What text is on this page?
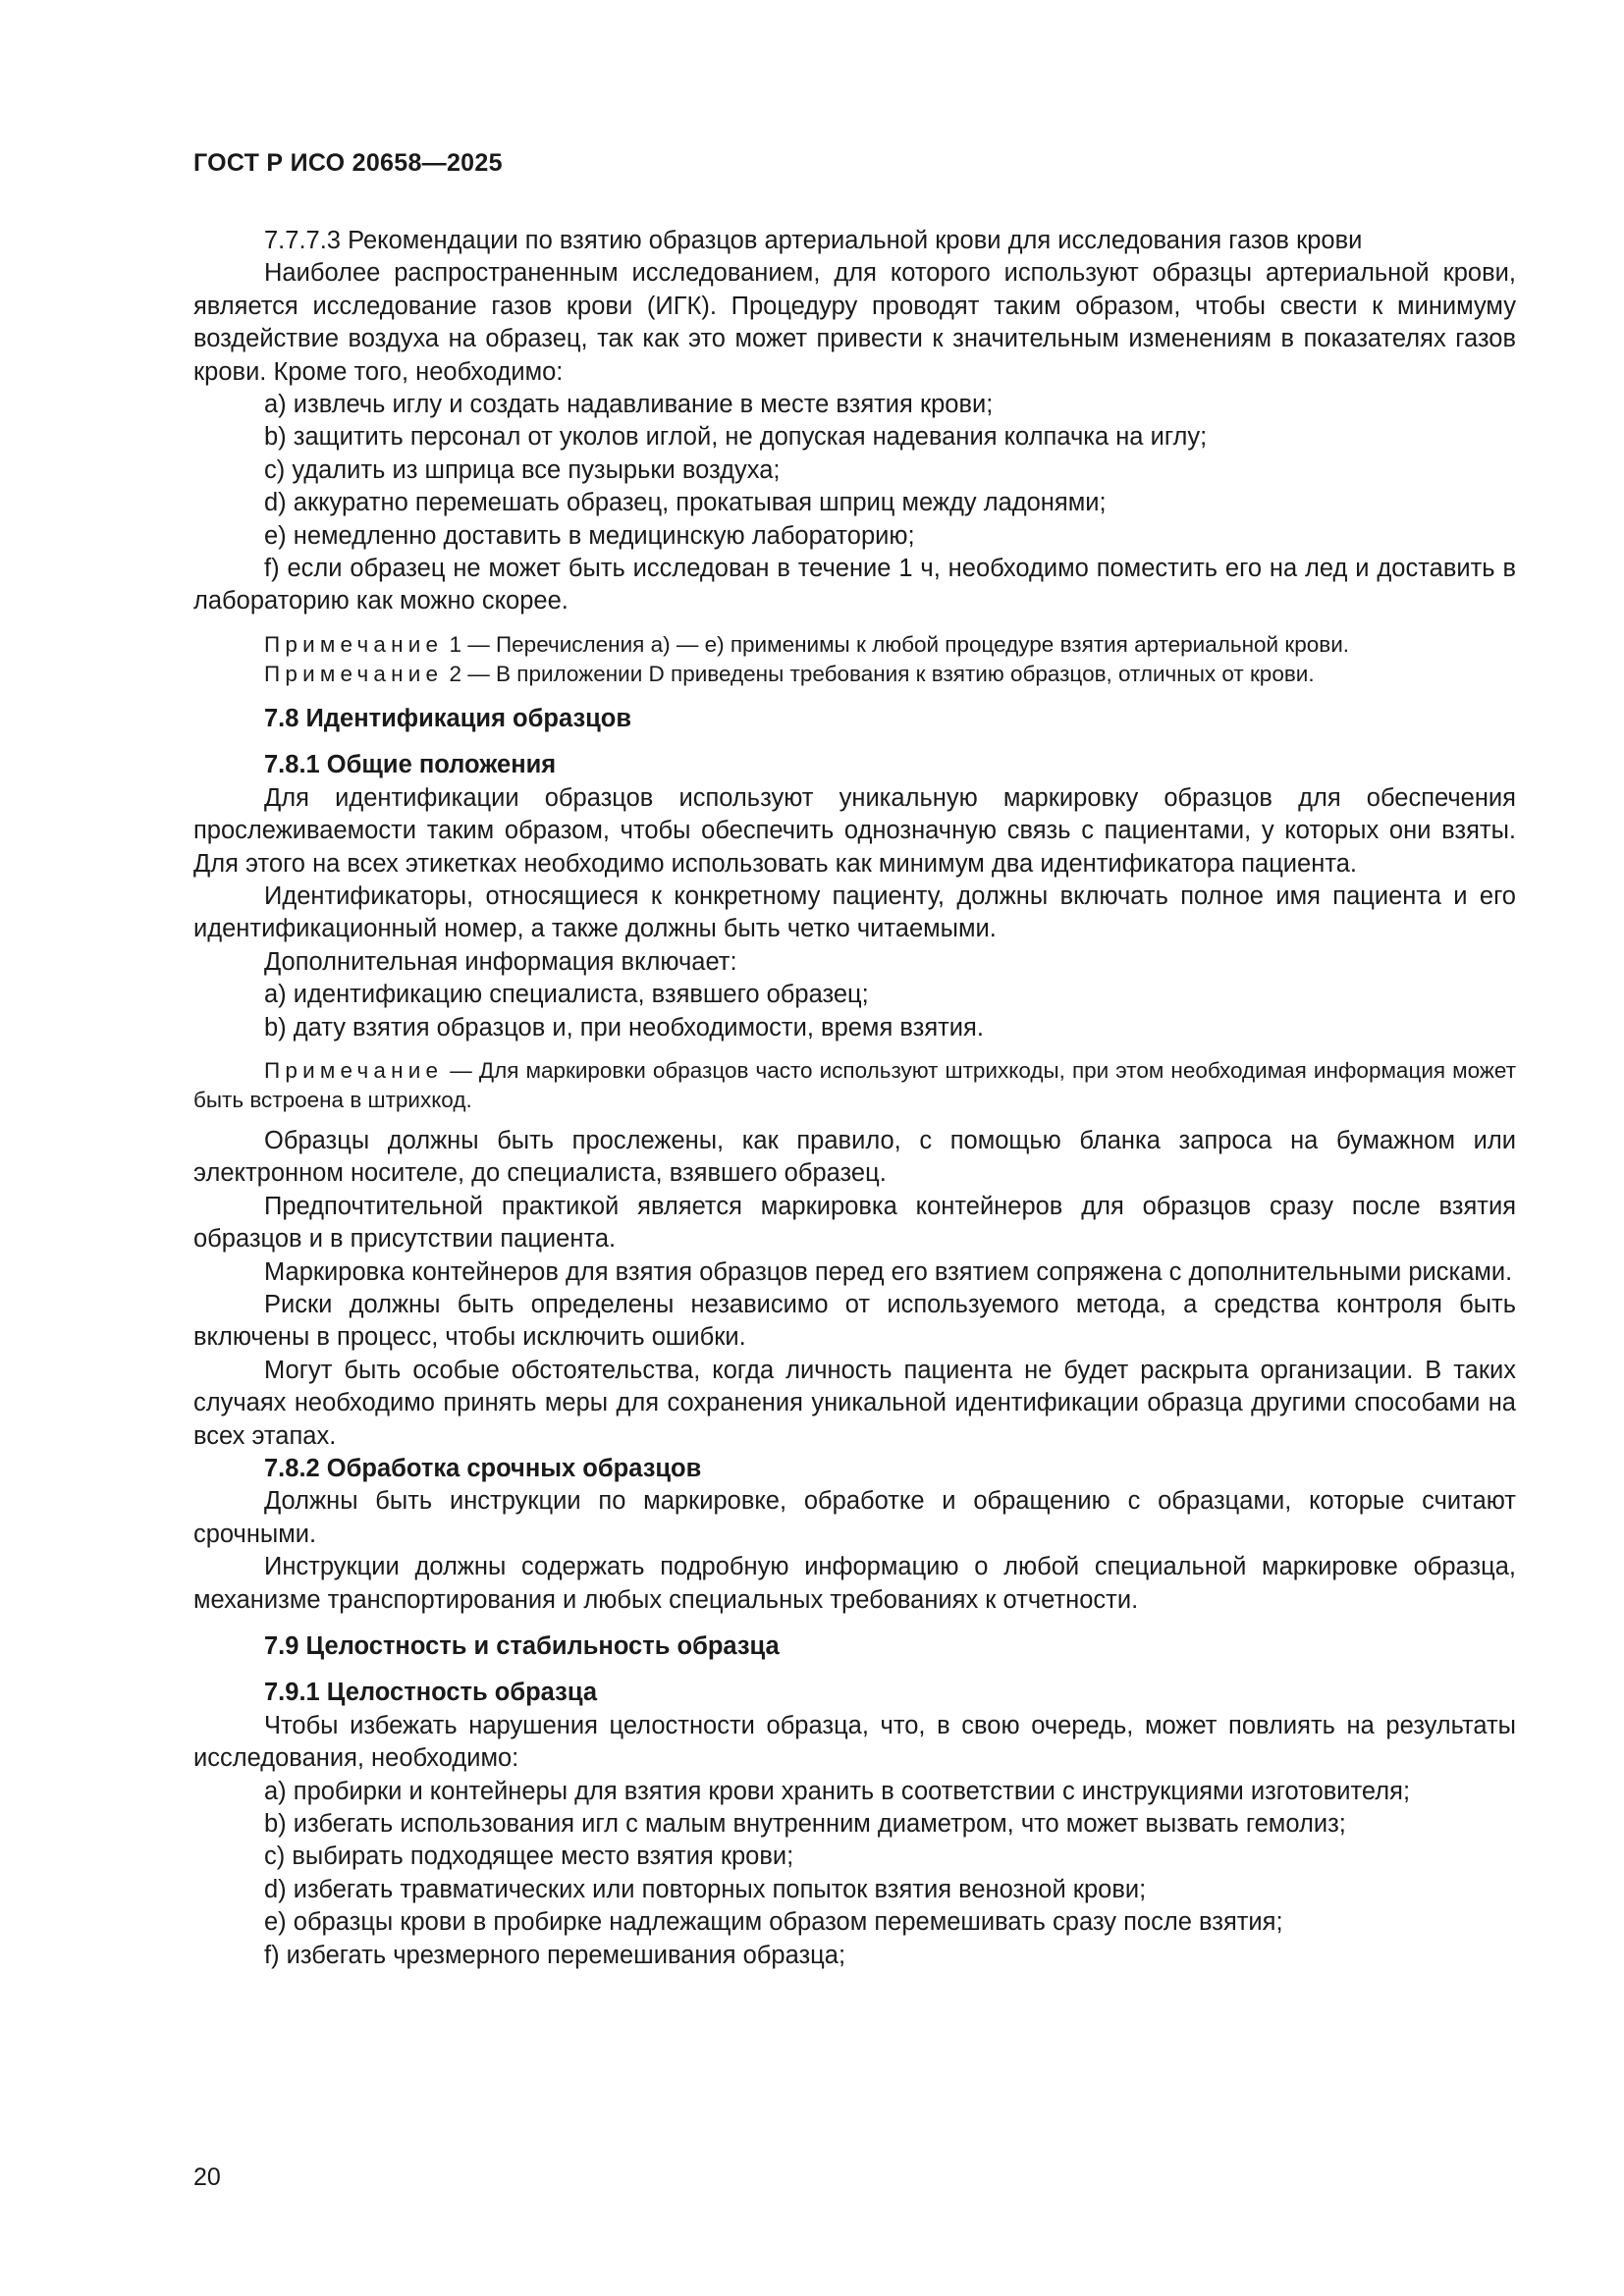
ГОСТ Р ИСО 20658—2025

7.7.7.3 Рекомендации по взятию образцов артериальной крови для исследования газов крови

Наиболее распространенным исследованием, для которого используют образцы артериальной крови, является исследование газов крови (ИГК). Процедуру проводят таким образом, чтобы свести к минимуму воздействие воздуха на образец, так как это может привести к значительным изменениям в показателях газов крови. Кроме того, необходимо:

a) извлечь иглу и создать надавливание в месте взятия крови;

b) защитить персонал от уколов иглой, не допуская надевания колпачка на иглу;

c) удалить из шприца все пузырьки воздуха;

d) аккуратно перемешать образец, прокатывая шприц между ладонями;

e) немедленно доставить в медицинскую лабораторию;

f) если образец не может быть исследован в течение 1 ч, необходимо поместить его на лед и доставить в лабораторию как можно скорее.

Примечание 1 — Перечисления a) — e) применимы к любой процедуре взятия артериальной крови.

Примечание 2 — В приложении D приведены требования к взятию образцов, отличных от крови.

7.8 Идентификация образцов

7.8.1 Общие положения

Для идентификации образцов используют уникальную маркировку образцов для обеспечения прослеживаемости таким образом, чтобы обеспечить однозначную связь с пациентами, у которых они взяты. Для этого на всех этикетках необходимо использовать как минимум два идентификатора пациента.

Идентификаторы, относящиеся к конкретному пациенту, должны включать полное имя пациента и его идентификационный номер, а также должны быть четко читаемыми.

Дополнительная информация включает:

a) идентификацию специалиста, взявшего образец;

b) дату взятия образцов и, при необходимости, время взятия.

Примечание — Для маркировки образцов часто используют штрихкоды, при этом необходимая информация может быть встроена в штрихкод.

Образцы должны быть прослежены, как правило, с помощью бланка запроса на бумажном или электронном носителе, до специалиста, взявшего образец.

Предпочтительной практикой является маркировка контейнеров для образцов сразу после взятия образцов и в присутствии пациента.

Маркировка контейнеров для взятия образцов перед его взятием сопряжена с дополнительными рисками.

Риски должны быть определены независимо от используемого метода, а средства контроля быть включены в процесс, чтобы исключить ошибки.

Могут быть особые обстоятельства, когда личность пациента не будет раскрыта организации. В таких случаях необходимо принять меры для сохранения уникальной идентификации образца другими способами на всех этапах.

7.8.2 Обработка срочных образцов

Должны быть инструкции по маркировке, обработке и обращению с образцами, которые считают срочными.

Инструкции должны содержать подробную информацию о любой специальной маркировке образца, механизме транспортирования и любых специальных требованиях к отчетности.

7.9 Целостность и стабильность образца

7.9.1 Целостность образца

Чтобы избежать нарушения целостности образца, что, в свою очередь, может повлиять на результаты исследования, необходимо:

a) пробирки и контейнеры для взятия крови хранить в соответствии с инструкциями изготовителя;

b) избегать использования игл с малым внутренним диаметром, что может вызвать гемолиз;

c) выбирать подходящее место взятия крови;

d) избегать травматических или повторных попыток взятия венозной крови;

e) образцы крови в пробирке надлежащим образом перемешивать сразу после взятия;

f) избегать чрезмерного перемешивания образца;

20
